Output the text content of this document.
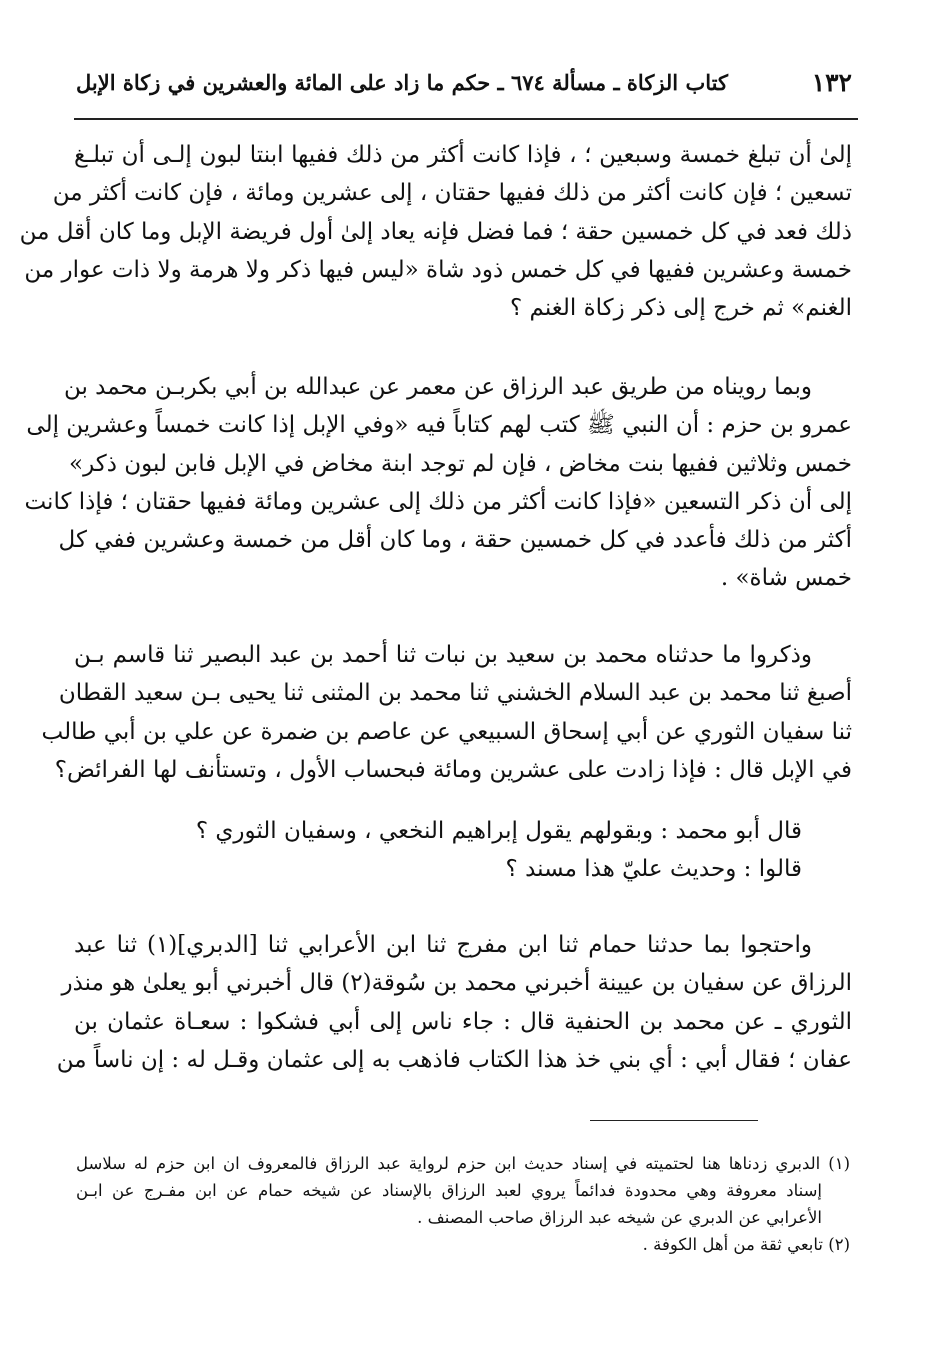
١٣٢
كتاب الزكاة ـ مسألة ٦٧٤ ـ حكم ما زاد على المائة والعشرين في زكاة الإبل
إلىٰ أن تبلغ خمسة وسبعين ؛ ، فإذا كانت أكثر من ذلك ففيها ابنتا لبون إلـى أن تبلـغ
تسعين ؛ فإن كانت أكثر من ذلك ففيها حقتان ، إلى عشرين ومائة ، فإن كانت أكثر من
ذلك فعد في كل خمسين حقة ؛ فما فضل فإنه يعاد إلىٰ أول فريضة الإبل وما كان أقل من
خمسة وعشرين ففيها في كل خمس ذود شاة «ليس فيها ذكر ولا هرمة ولا ذات عوار من
الغنم» ثم خرج إلى ذكر زكاة الغنم ؟
وبما رويناه من طريق عبد الرزاق عن معمر عن عبدالله بن أبي بكربـن محمد بن
عمرو بن حزم : أن النبي ﷺ كتب لهم كتاباً فيه «وفي الإبل إذا كانت خمساً وعشرين إلى
خمس وثلاثين ففيها بنت مخاض ، فإن لم توجد ابنة مخاض في الإبل فابن لبون ذكر»
إلى أن ذكر التسعين «فإذا كانت أكثر من ذلك إلى عشرين ومائة ففيها حقتان ؛ فإذا كانت
أكثر من ذلك فأعدد في كل خمسين حقة ، وما كان أقل من خمسة وعشرين ففي كل
خمس شاة» .
وذكروا ما حدثناه محمد بن سعيد بن نبات ثنا أحمد بن عبد البصير ثنا قاسم بـن
أصبغ ثنا محمد بن عبد السلام الخشني ثنا محمد بن المثنى ثنا يحيى بـن سعيد القطان
ثنا سفيان الثوري عن أبي إسحاق السبيعي عن عاصم بن ضمرة عن علي بن أبي طالب
في الإبل قال : فإذا زادت على عشرين ومائة فبحساب الأول ، وتستأنف لها الفرائض؟
قال أبو محمد : وبقولهم يقول إبراهيم النخعي ، وسفيان الثوري ؟
قالوا : وحديث عليّ هذا مسند ؟
واحتجوا بما حدثنا حمام ثنا ابن مفرج ثنا ابن الأعرابي ثنا [الدبري](١) ثنا عبد
الرزاق عن سفيان بن عيينة أخبرني محمد بن سُوقة(٢) قال أخبرني أبو يعلىٰ هو منذر
الثوري ـ عن محمد بن الحنفية قال : جاء ناس إلى أبي فشكوا : سعـاة عثمان بن
عفان ؛ فقال أبي : أي بني خذ هذا الكتاب فاذهب به إلى عثمان وقـل له : إن ناساً من
(١) الدبري زدناها هنا لحتميته في إسناد حديث ابن حزم لرواية عبد الرزاق فالمعروف ان ابن حزم له سلاسل
إسناد معروفة وهي محدودة فدائماً يروي لعبد الرزاق بالإسناد عن شيخه حمام عن ابن مفـرج عن ابـن
الأعرابي عن الدبري عن شيخه عبد الرزاق صاحب المصنف .
(٢) تابعي ثقة من أهل الكوفة .
